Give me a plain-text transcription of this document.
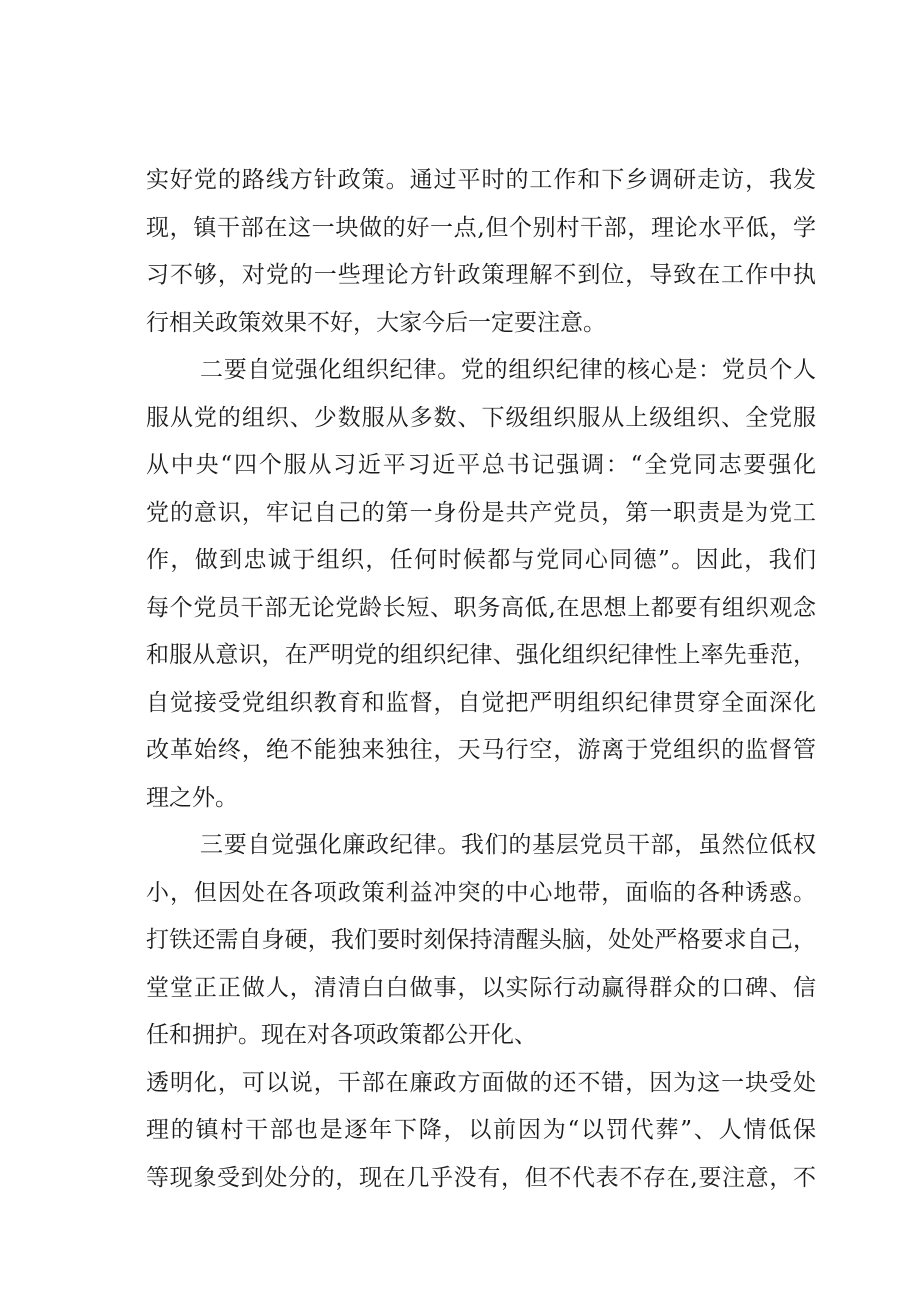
实好党的路线方针政策。通过平时的工作和下乡调研走访，我发
现，镇干部在这一块做的好一点,但个别村干部，理论水平低，学
习不够，对党的一些理论方针政策理解不到位，导致在工作中执
行相关政策效果不好，大家今后一定要注意。
二要自觉强化组织纪律。党的组织纪律的核心是：党员个人
服从党的组织、少数服从多数、下级组织服从上级组织、全党服
从中央“四个服从习近平习近平总书记强调：“全党同志要强化
党的意识，牢记自己的第一身份是共产党员，第一职责是为党工
作，做到忠诚于组织，任何时候都与党同心同德”。因此，我们
每个党员干部无论党龄长短、职务高低,在思想上都要有组织观念
和服从意识，在严明党的组织纪律、强化组织纪律性上率先垂范，
自觉接受党组织教育和监督，自觉把严明组织纪律贯穿全面深化
改革始终，绝不能独来独往，天马行空，游离于党组织的监督管
理之外。
三要自觉强化廉政纪律。我们的基层党员干部，虽然位低权
小，但因处在各项政策利益冲突的中心地带，面临的各种诱惑。
打铁还需自身硬，我们要时刻保持清醒头脑，处处严格要求自己，
堂堂正正做人，清清白白做事，以实际行动赢得群众的口碑、信
任和拥护。现在对各项政策都公开化、
透明化，可以说，干部在廉政方面做的还不错，因为这一块受处
理的镇村干部也是逐年下降，以前因为“以罚代葬”、人情低保
等现象受到处分的，现在几乎没有，但不代表不存在,要注意，不
